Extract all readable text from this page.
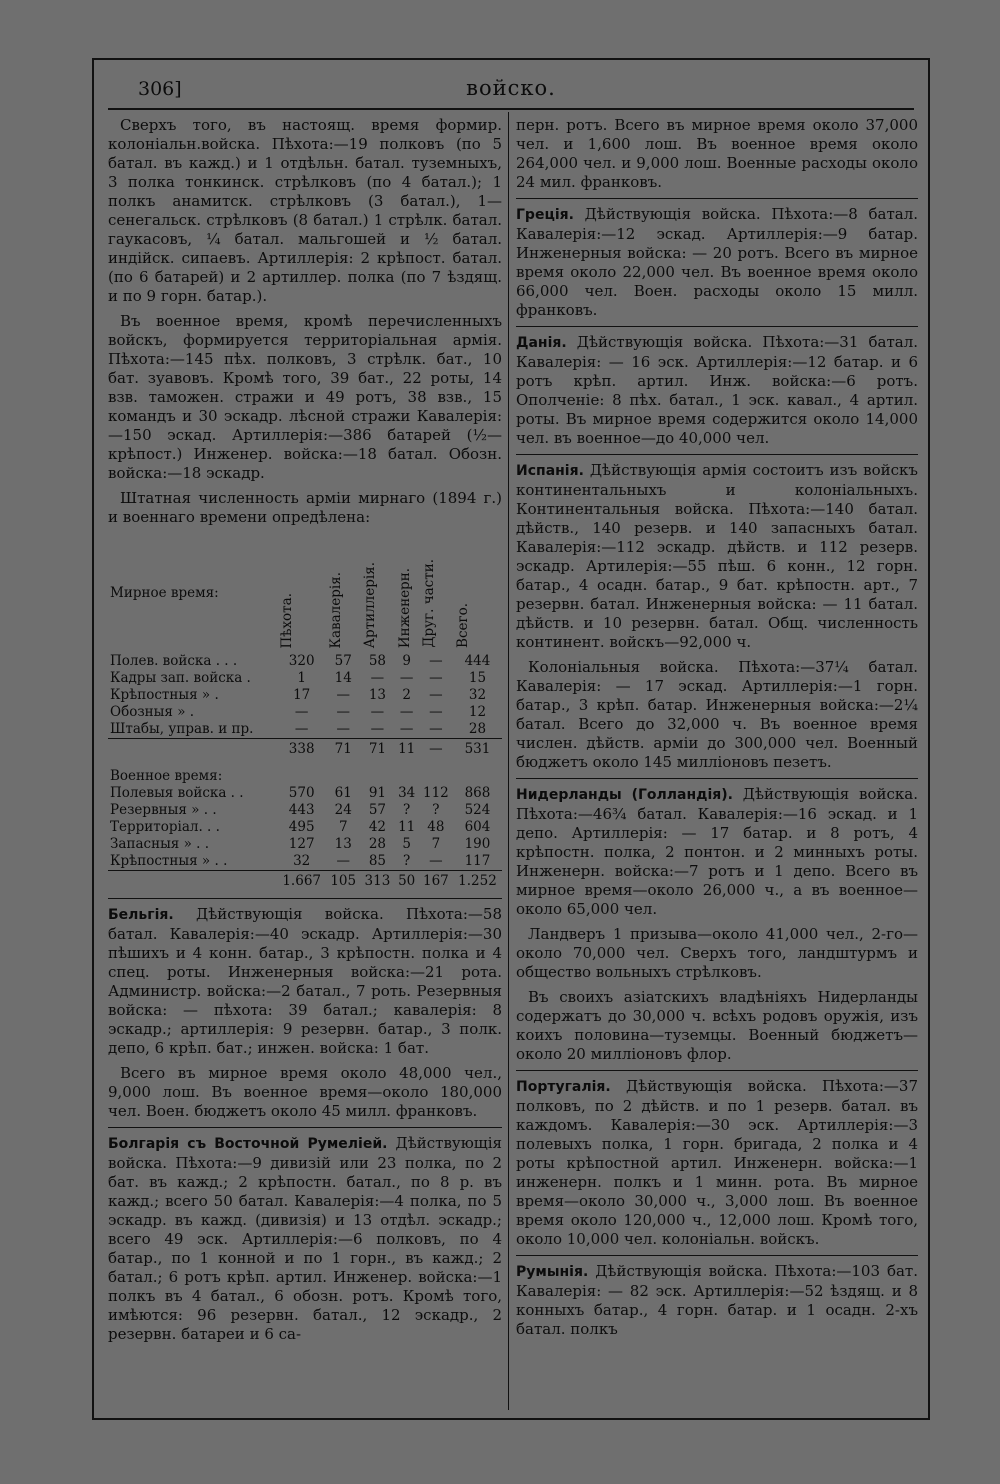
306]	войско.

Сверхъ того, въ настоящ. время формир. колоніальн.войска. Пѣхота:—19 полковъ (по 5 батал. въ кажд.) и 1 отдѣльн. батал. туземныхъ, 3 полка тонкинск. стрѣлковъ (по 4 батал.); 1 полкъ анамитск. стрѣлковъ (3 батал.), 1—сенегальск. стрѣлковъ (8 батал.) 1 стрѣлк. батал. гаукасовъ, ¼ батал. мальгошей и ½ батал. индійск. сипаевъ. Артиллерія: 2 крѣпост. батал. (по 6 батарей) и 2 артиллер. полка (по 7 ѣздящ. и по 9 горн. батар.).

Въ военное время, кромѣ перечисленныхъ войскъ, формируется территоріальная армія. Пѣхота:—145 пѣх. полковъ, 3 стрѣлк. бат., 10 бат. зуавовъ. Кромѣ того, 39 бат., 22 роты, 14 взв. таможен. стражи и 49 ротъ, 38 взв., 15 командъ и 30 эскадр. лѣсной стражи Кавалерія:—150 эскад. Артиллерія:—386 батарей (½—крѣпост.) Инженер. войска:—18 батал. Обозн. войска:—18 эскадр.

Штатная численность арміи мирнаго (1894 г.) и военнаго времени опредѣлена:

Мирное время:	Пѣхота.	Кавалерія.	Артиллерія.	Инженерн.	Друг. части.	Всего.
Полев. войска . . .	320	57	58	9	—	444
Кадры зап. войска .	1	14	—	—	—	15
Крѣпостныя » .	17	—	13	2	—	32
Обозныя » .	—	—	—	—	—	12
Штабы, управ. и пр.	—	—	—	—	—	28
	338	71	71	11	—	531
Военное время:						
Полевыя войска . .	570	61	91	34	112	868
Резервныя » . .	443	24	57	?	?	524
Территоріал. . .	495	7	42	11	48	604
Запасныя » . .	127	13	28	5	7	190
Крѣпостныя » . .	32	—	85	?	—	117
	1.667	105	313	50	167	1.252

Бельгія. Дѣйствующія войска. Пѣхота:—58 батал. Кавалерія:—40 эскадр. Артиллерія:—30 пѣшихъ и 4 конн. батар., 3 крѣпостн. полка и 4 спец. роты. Инженерныя войска:—21 рота. Администр. войска:—2 батал., 7 роть. Резервныя войска: — пѣхота: 39 батал.; кавалерія: 8 эскадр.; артиллерія: 9 резервн. батар., 3 полк. депо, 6 крѣп. бат.; инжен. войска: 1 бат.

Всего въ мирное время около 48,000 чел., 9,000 лош. Въ военное время—около 180,000 чел. Воен. бюджетъ около 45 милл. франковъ.

Болгарія съ Восточной Румеліей. Дѣйствующія войска. Пѣхота:—9 дивизій или 23 полка, по 2 бат. въ кажд.; 2 крѣпостн. батал., по 8 р. въ кажд.; всего 50 батал. Кавалерія:—4 полка, по 5 эскадр. въ кажд. (дивизія) и 13 отдѣл. эскадр.; всего 49 эск. Артиллерія:—6 полковъ, по 4 батар., по 1 конной и по 1 горн., въ кажд.; 2 батал.; 6 ротъ крѣп. артил. Инженер. войска:—1 полкъ въ 4 батал., 6 обозн. ротъ. Кромѣ того, имѣются: 96 резервн. батал., 12 эскадр., 2 резервн. батареи и 6 са-

перн. ротъ. Всего въ мирное время около 37,000 чел. и 1,600 лош. Въ военное время около 264,000 чел. и 9,000 лош. Военные расходы около 24 мил. франковъ.

Греція. Дѣйствующія войска. Пѣхота:—8 батал. Кавалерія:—12 эскад. Артиллерія:—9 батар. Инженерныя войска: — 20 ротъ. Всего въ мирное время около 22,000 чел. Въ военное время около 66,000 чел. Воен. расходы около 15 милл. франковъ.

Данія. Дѣйствующія войска. Пѣхота:—31 батал. Кавалерія: — 16 эск. Артиллерія:—12 батар. и 6 ротъ крѣп. артил. Инж. войска:—6 ротъ. Ополченіе: 8 пѣх. батал., 1 эск. кавал., 4 артил. роты. Въ мирное время содержится около 14,000 чел. въ военное—до 40,000 чел.

Испанія. Дѣйствующія армія состоитъ изъ войскъ континентальныхъ и колоніальныхъ. Континентальныя войска. Пѣхота:—140 батал. дѣйств., 140 резерв. и 140 запасныхъ батал. Кавалерія:—112 эскадр. дѣйств. и 112 резерв. эскадр. Артилерія:—55 пѣш. 6 конн., 12 горн. батар., 4 осадн. батар., 9 бат. крѣпостн. арт., 7 резервн. батал. Инженерныя войска: — 11 батал. дѣйств. и 10 резервн. батал. Общ. численность континент. войскъ—92,000 ч.

Колоніальныя войска. Пѣхота:—37¼ батал. Кавалерія: — 17 эскад. Артиллерія:—1 горн. батар., 3 крѣп. батар. Инженерныя войска:—2¼ батал. Всего до 32,000 ч. Въ военное время числен. дѣйств. арміи до 300,000 чел. Военный бюджетъ около 145 милліоновъ пезетъ.

Нидерланды (Голландія). Дѣйствующія войска. Пѣхота:—46¾ батал. Кавалерія:—16 эскад. и 1 депо. Артиллерія: — 17 батар. и 8 ротъ, 4 крѣпостн. полка, 2 понтон. и 2 минныхъ роты. Инженерн. войска:—7 ротъ и 1 депо. Всего въ мирное время—около 26,000 ч., а въ военное—около 65,000 чел.

Ландверъ 1 призыва—около 41,000 чел., 2-го—около 70,000 чел. Сверхъ того, ландштурмъ и общество вольныхъ стрѣлковъ.

Въ своихъ азіатскихъ владѣніяхъ Нидерланды содержатъ до 30,000 ч. всѣхъ родовъ оружія, изъ коихъ половина—туземцы. Военный бюджетъ—около 20 милліоновъ флор.

Португалія. Дѣйствующія войска. Пѣхота:—37 полковъ, по 2 дѣйств. и по 1 резерв. батал. въ каждомъ. Кавалерія:—30 эск. Артиллерія:—3 полевыхъ полка, 1 горн. бригада, 2 полка и 4 роты крѣпостной артил. Инженерн. войска:—1 инженерн. полкъ и 1 минн. рота. Въ мирное время—около 30,000 ч., 3,000 лош. Въ военное время около 120,000 ч., 12,000 лош. Кромѣ того, около 10,000 чел. колоніальн. войскъ.

Румынія. Дѣйствующія войска. Пѣхота:—103 бат. Кавалерія: — 82 эск. Артиллерія:—52 ѣздящ. и 8 конныхъ батар., 4 горн. батар. и 1 осадн. 2-хъ батал. полкъ
